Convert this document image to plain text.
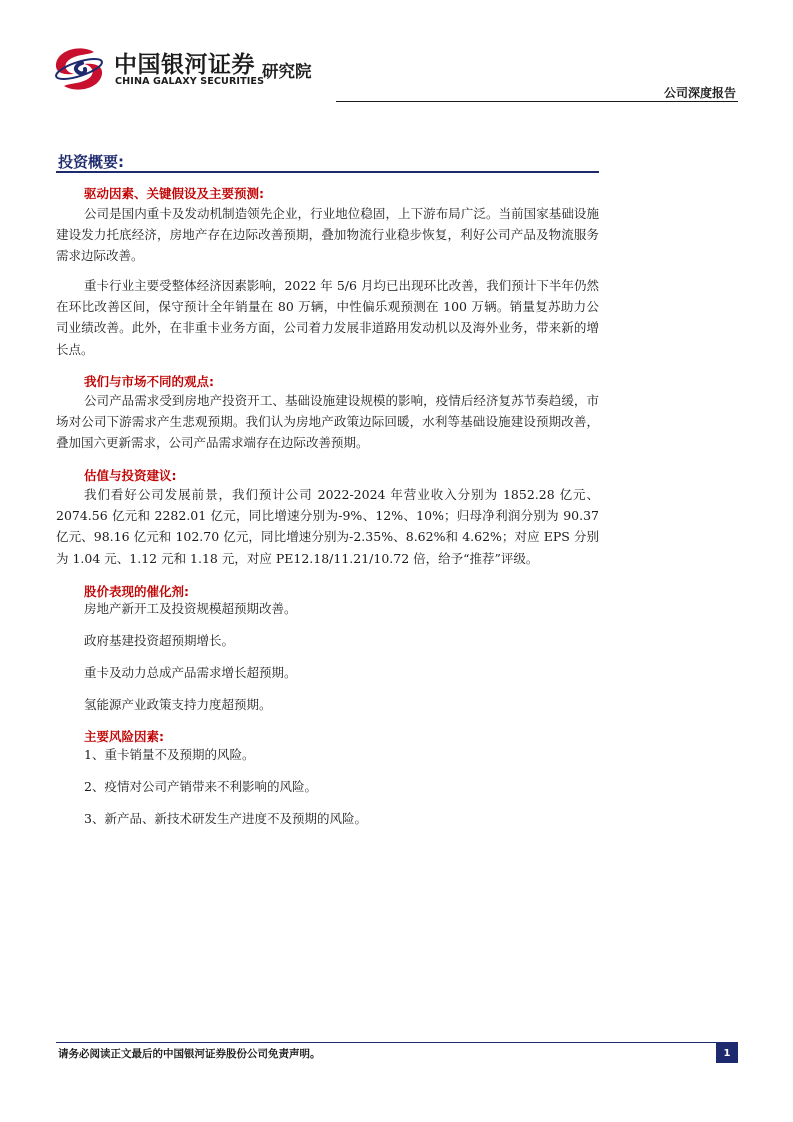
中国银河证券
CHINA GALAXY SECURITIES
研究院
公司深度报告
投资概要:
驱动因素、关键假设及主要预测:

公司是国内重卡及发动机制造领先企业，行业地位稳固，上下游布局广泛。当前国家基础设施建设发力托底经济，房地产存在边际改善预期，叠加物流行业稳步恢复，利好公司产品及物流服务需求边际改善。

重卡行业主要受整体经济因素影响，2022 年 5/6 月均已出现环比改善，我们预计下半年仍然在环比改善区间，保守预计全年销量在 80 万辆，中性偏乐观预测在 100 万辆。销量复苏助力公司业绩改善。此外，在非重卡业务方面，公司着力发展非道路用发动机以及海外业务，带来新的增长点。

我们与市场不同的观点:

公司产品需求受到房地产投资开工、基础设施建设规模的影响，疫情后经济复苏节奏趋缓，市场对公司下游需求产生悲观预期。我们认为房地产政策边际回暖，水利等基础设施建设预期改善，叠加国六更新需求，公司产品需求端存在边际改善预期。

估值与投资建议:

我们看好公司发展前景，我们预计公司 2022-2024 年营业收入分别为 1852.28 亿元、2074.56 亿元和 2282.01 亿元，同比增速分别为-9%、12%、10%；归母净利润分别为 90.37 亿元、98.16 亿元和 102.70 亿元，同比增速分别为-2.35%、8.62%和 4.62%；对应 EPS 分别为 1.04 元、1.12 元和 1.18 元，对应 PE12.18/11.21/10.72 倍，给予“推荐”评级。

股价表现的催化剂:
房地产新开工及投资规模超预期改善。
政府基建投资超预期增长。
重卡及动力总成产品需求增长超预期。
氢能源产业政策支持力度超预期。
主要风险因素:
1、重卡销量不及预期的风险。
2、疫情对公司产销带来不利影响的风险。
3、新产品、新技术研发生产进度不及预期的风险。
请务必阅读正文最后的中国银河证券股份公司免责声明。	1
